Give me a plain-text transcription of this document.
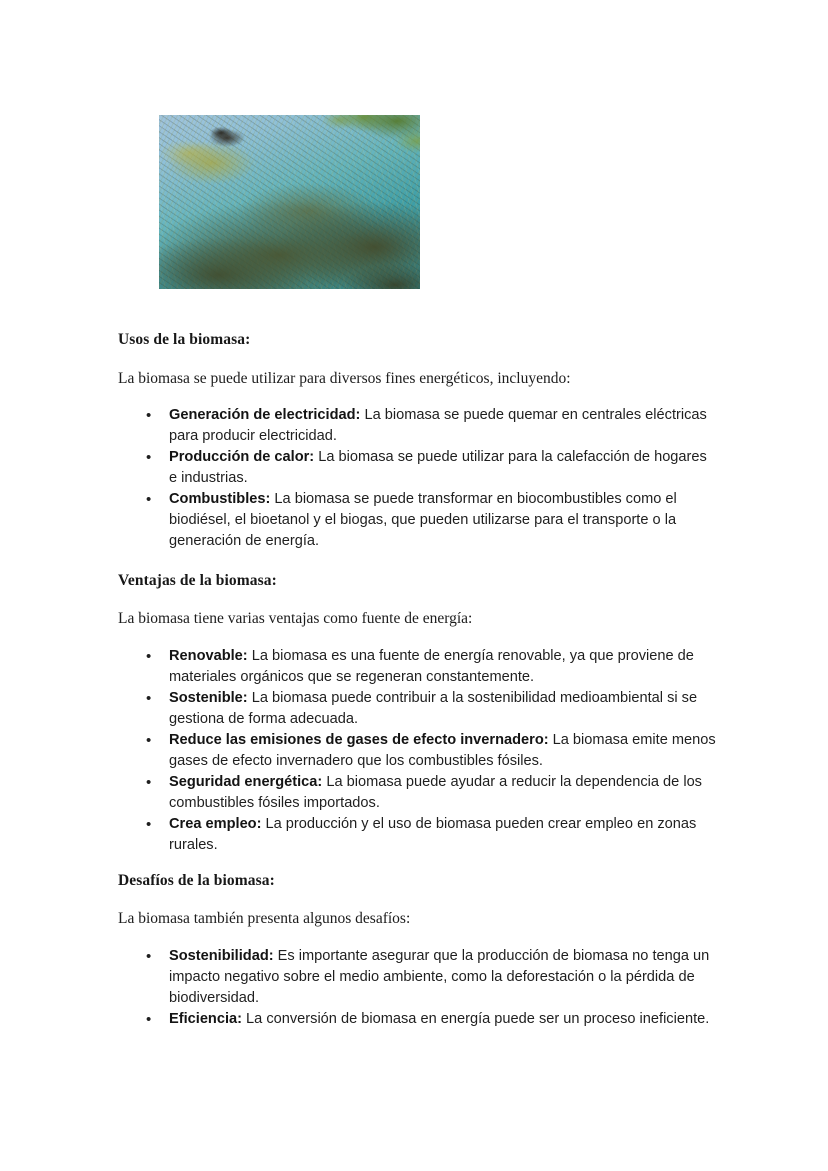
Usos de la biomasa:

La biomasa se puede utilizar para diversos fines energéticos, incluyendo:

• Generación de electricidad: La biomasa se puede quemar en centrales eléctricas para producir electricidad.
• Producción de calor: La biomasa se puede utilizar para la calefacción de hogares e industrias.
• Combustibles: La biomasa se puede transformar en biocombustibles como el biodiésel, el bioetanol y el biogas, que pueden utilizarse para el transporte o la generación de energía.
Ventajas de la biomasa:

La biomasa tiene varias ventajas como fuente de energía:

• Renovable: La biomasa es una fuente de energía renovable, ya que proviene de materiales orgánicos que se regeneran constantemente.
• Sostenible: La biomasa puede contribuir a la sostenibilidad medioambiental si se gestiona de forma adecuada.
• Reduce las emisiones de gases de efecto invernadero: La biomasa emite menos gases de efecto invernadero que los combustibles fósiles.
• Seguridad energética: La biomasa puede ayudar a reducir la dependencia de los combustibles fósiles importados.
• Crea empleo: La producción y el uso de biomasa pueden crear empleo en zonas rurales.
Desafíos de la biomasa:

La biomasa también presenta algunos desafíos:

• Sostenibilidad: Es importante asegurar que la producción de biomasa no tenga un impacto negativo sobre el medio ambiente, como la deforestación o la pérdida de biodiversidad.
• Eficiencia: La conversión de biomasa en energía puede ser un proceso ineficiente.
